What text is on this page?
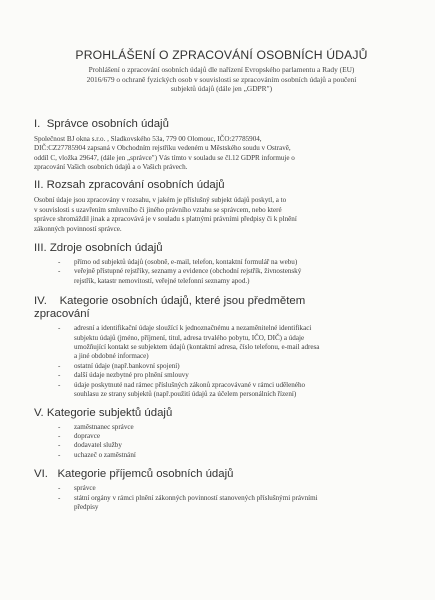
PROHLÁŠENÍ O ZPRACOVÁNÍ OSOBNÍCH ÚDAJŮ
Prohlášení o zpracování osobních údajů dle nařízení Evropského parlamentu a Rady (EU)
2016/679 o ochraně fyzických osob v souvislosti se zpracováním osobních údajů a poučení
subjektů údajů (dále jen „GDPR")
I. Správce osobních údajů
Společnost BJ okna s.r.o. , Sladkovského 53a, 779 00 Olomouc, IČO:27785904,
DIČ:CZ27785904 zapsaná v Obchodním rejstříku vedeném u Městského soudu v Ostravě,
oddíl C, vložka 29647, (dále jen „správce") Vás tímto v souladu se čl.12 GDPR informuje o
zpracování Vašich osobních údajů a o Vašich právech.
II. Rozsah zpracování osobních údajů
Osobní údaje jsou zpracovány v rozsahu, v jakém je příslušný subjekt údajů poskytl, a to
v souvislosti s uzavřením smluvního či jiného právního vztahu se správcem, nebo které
správce shromáždil jinak a zpracovává je v souladu s platnými právními předpisy či k plnění
zákonných povinností správce.
III. Zdroje osobních údajů
- přímo od subjektů údajů (osobně, e-mail, telefon, kontaktní formulář na webu)
- veřejně přístupné rejstříky, seznamy a evidence (obchodní rejstřík, živnostenský
rejstřík, katastr nemovitostí, veřejné telefonní seznamy apod.)
IV. Kategorie osobních údajů, které jsou předmětem
zpracování
- adresní a identifikační údaje sloužící k jednoznačnému a nezaměnitelné identifikaci
subjektu údajů (jméno, příjmení, titul, adresa trvalého pobytu, IČO, DIČ) a údaje
umožňující kontakt se subjektem údajů (kontaktní adresa, číslo telefonu, e-mail adresa
a jiné obdobné informace)
- ostatní údaje (např.bankovní spojení)
- další údaje nezbytné pro plnění smlouvy
- údaje poskytnuté nad rámec příslušných zákonů zpracovávané v rámci uděleného
souhlasu ze strany subjektů (např.použití údajů za účelem personálních řízení)
V. Kategorie subjektů údajů
- zaměstnanec správce
- dopravce
- dodavatel služby
- uchazeč o zaměstnání
VI. Kategorie příjemců osobních údajů
- správce
- státní orgány v rámci plnění zákonných povinností stanovených příslušnými právními
předpisy
